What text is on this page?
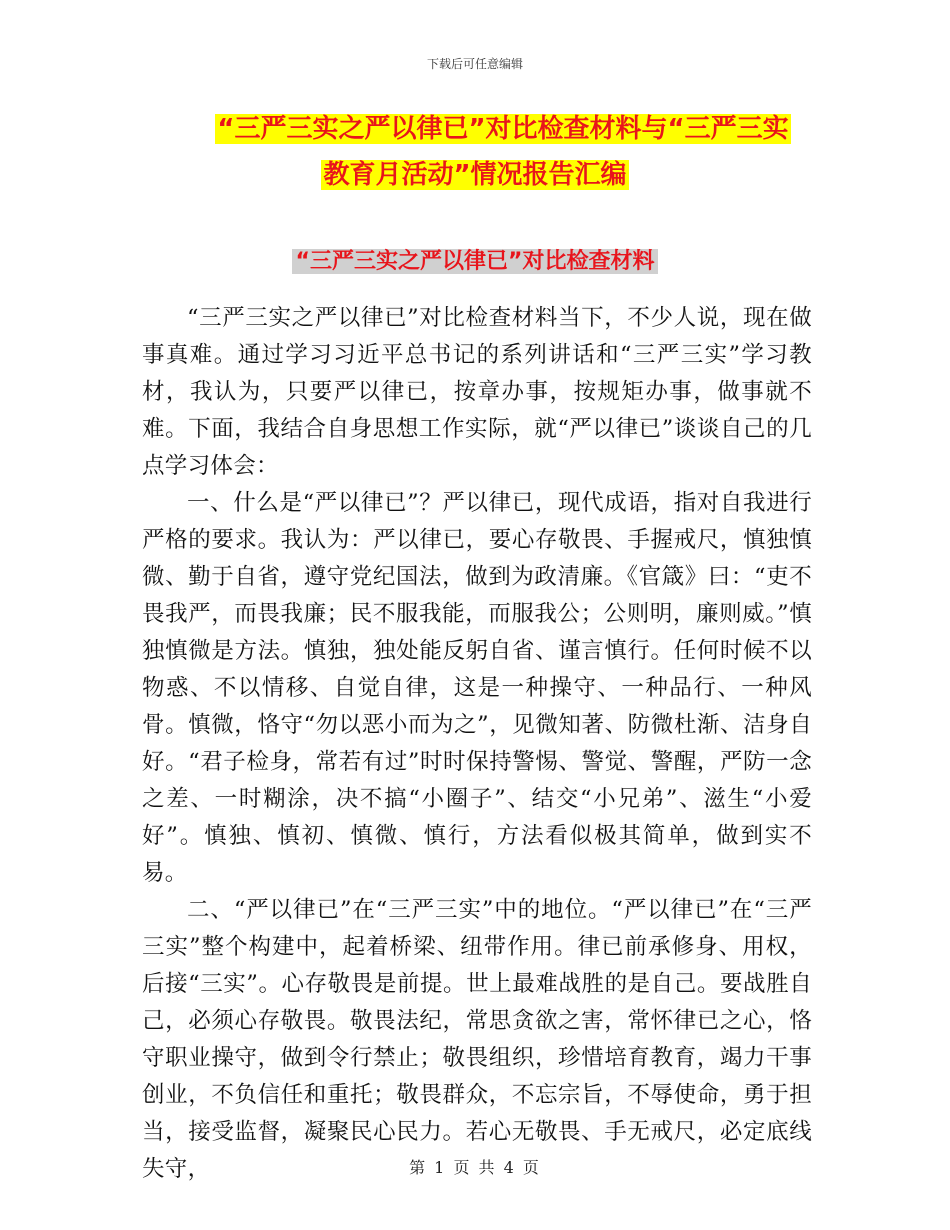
下载后可任意编辑
“三严三实之严以律已”对比检查材料与“三严三实
教育月活动”情况报告汇编
“三严三实之严以律已”对比检查材料

“三严三实之严以律已”对比检查材料当下，不少人说，现在做事真难。通过学习习近平总书记的系列讲话和“三严三实”学习教材，我认为，只要严以律已，按章办事，按规矩办事，做事就不难。下面，我结合自身思想工作实际，就“严以律已”谈谈自己的几点学习体会：

一、什么是“严以律已”？严以律已，现代成语，指对自我进行严格的要求。我认为：严以律已，要心存敬畏、手握戒尺，慎独慎微、勤于自省，遵守党纪国法，做到为政清廉。《官箴》曰：“吏不畏我严，而畏我廉；民不服我能，而服我公；公则明，廉则威。”慎独慎微是方法。慎独，独处能反躬自省、谨言慎行。任何时候不以物惑、不以情移、自觉自律，这是一种操守、一种品行、一种风骨。慎微，恪守“勿以恶小而为之”，见微知著、防微杜渐、洁身自好。“君子检身，常若有过”时时保持警惕、警觉、警醒，严防一念之差、一时糊涂，决不搞“小圈子”、结交“小兄弟”、滋生“小爱好”。慎独、慎初、慎微、慎行，方法看似极其简单，做到实不易。

二、“严以律已”在“三严三实”中的地位。“严以律已”在“三严三实”整个构建中，起着桥梁、纽带作用。律已前承修身、用权，后接“三实”。心存敬畏是前提。世上最难战胜的是自己。要战胜自己，必须心存敬畏。敬畏法纪，常思贪欲之害，常怀律已之心，恪守职业操守，做到令行禁止；敬畏组织，珍惜培育教育，竭力干事创业，不负信任和重托；敬畏群众，不忘宗旨，不辱使命，勇于担当，接受监督，凝聚民心民力。若心无敬畏、手无戒尺，必定底线失守，	第 1 页 共 4 页
